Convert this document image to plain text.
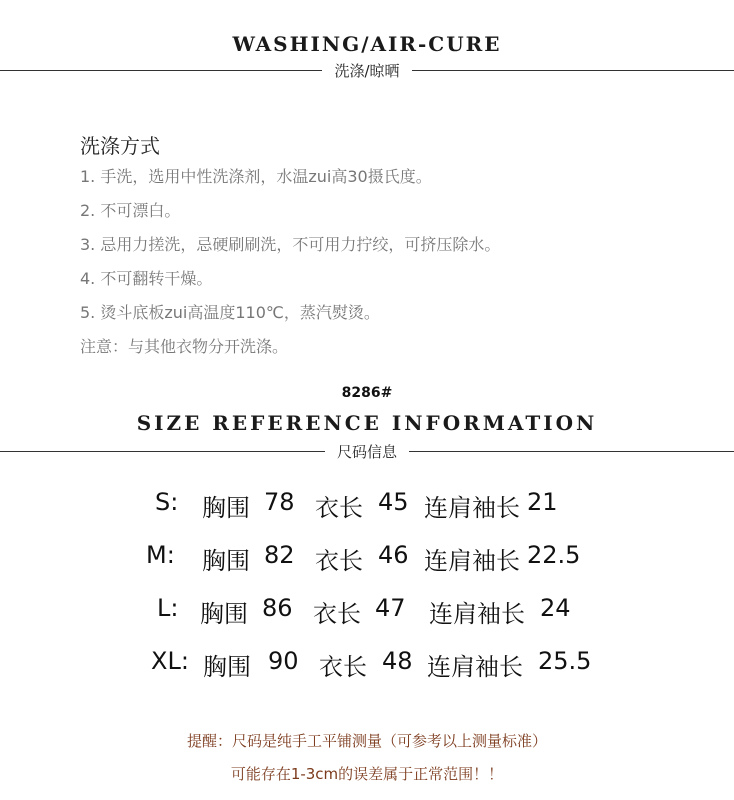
WASHING/AIR-CURE
洗涤/晾晒
洗涤方式
1. 手洗，选用中性洗涤剂，水温zui高30摄氏度。
2. 不可漂白。
3. 忌用力搓洗，忌硬刷刷洗，不可用力拧绞，可挤压除水。
4. 不可翻转干燥。
5. 烫斗底板zui高温度110℃，蒸汽熨烫。
注意：与其他衣物分开洗涤。
8286#
SIZE REFERENCE INFORMATION
尺码信息
S: 胸围 78 衣长 45 连肩袖长 21
M: 胸围 82 衣长 46 连肩袖长 22.5
L: 胸围 86 衣长 47 连肩袖长 24
XL: 胸围 90 衣长 48 连肩袖长 25.5
提醒：尺码是纯手工平铺测量（可参考以上测量标准）
可能存在1-3cm的误差属于正常范围！！
